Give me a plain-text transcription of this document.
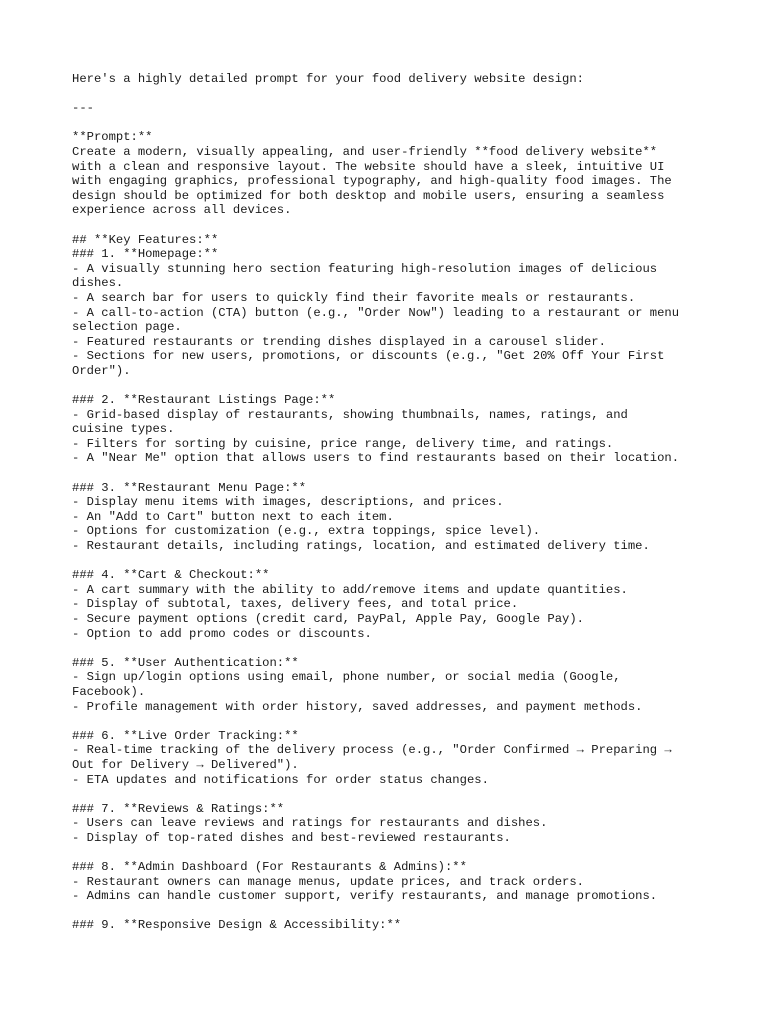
Here's a highly detailed prompt for your food delivery website design:
---
**Prompt:**
Create a modern, visually appealing, and user-friendly **food delivery website**
with a clean and responsive layout. The website should have a sleek, intuitive UI
with engaging graphics, professional typography, and high-quality food images. The
design should be optimized for both desktop and mobile users, ensuring a seamless
experience across all devices.
## **Key Features:**
### 1. **Homepage:**
- A visually stunning hero section featuring high-resolution images of delicious
dishes.
- A search bar for users to quickly find their favorite meals or restaurants.
- A call-to-action (CTA) button (e.g., "Order Now") leading to a restaurant or menu
selection page.
- Featured restaurants or trending dishes displayed in a carousel slider.
- Sections for new users, promotions, or discounts (e.g., "Get 20% Off Your First
Order").
### 2. **Restaurant Listings Page:**
- Grid-based display of restaurants, showing thumbnails, names, ratings, and
cuisine types.
- Filters for sorting by cuisine, price range, delivery time, and ratings.
- A "Near Me" option that allows users to find restaurants based on their location.
### 3. **Restaurant Menu Page:**
- Display menu items with images, descriptions, and prices.
- An "Add to Cart" button next to each item.
- Options for customization (e.g., extra toppings, spice level).
- Restaurant details, including ratings, location, and estimated delivery time.
### 4. **Cart & Checkout:**
- A cart summary with the ability to add/remove items and update quantities.
- Display of subtotal, taxes, delivery fees, and total price.
- Secure payment options (credit card, PayPal, Apple Pay, Google Pay).
- Option to add promo codes or discounts.
### 5. **User Authentication:**
- Sign up/login options using email, phone number, or social media (Google,
Facebook).
- Profile management with order history, saved addresses, and payment methods.
### 6. **Live Order Tracking:**
- Real-time tracking of the delivery process (e.g., "Order Confirmed → Preparing →
Out for Delivery → Delivered").
- ETA updates and notifications for order status changes.
### 7. **Reviews & Ratings:**
- Users can leave reviews and ratings for restaurants and dishes.
- Display of top-rated dishes and best-reviewed restaurants.
### 8. **Admin Dashboard (For Restaurants & Admins):**
- Restaurant owners can manage menus, update prices, and track orders.
- Admins can handle customer support, verify restaurants, and manage promotions.
### 9. **Responsive Design & Accessibility:**
